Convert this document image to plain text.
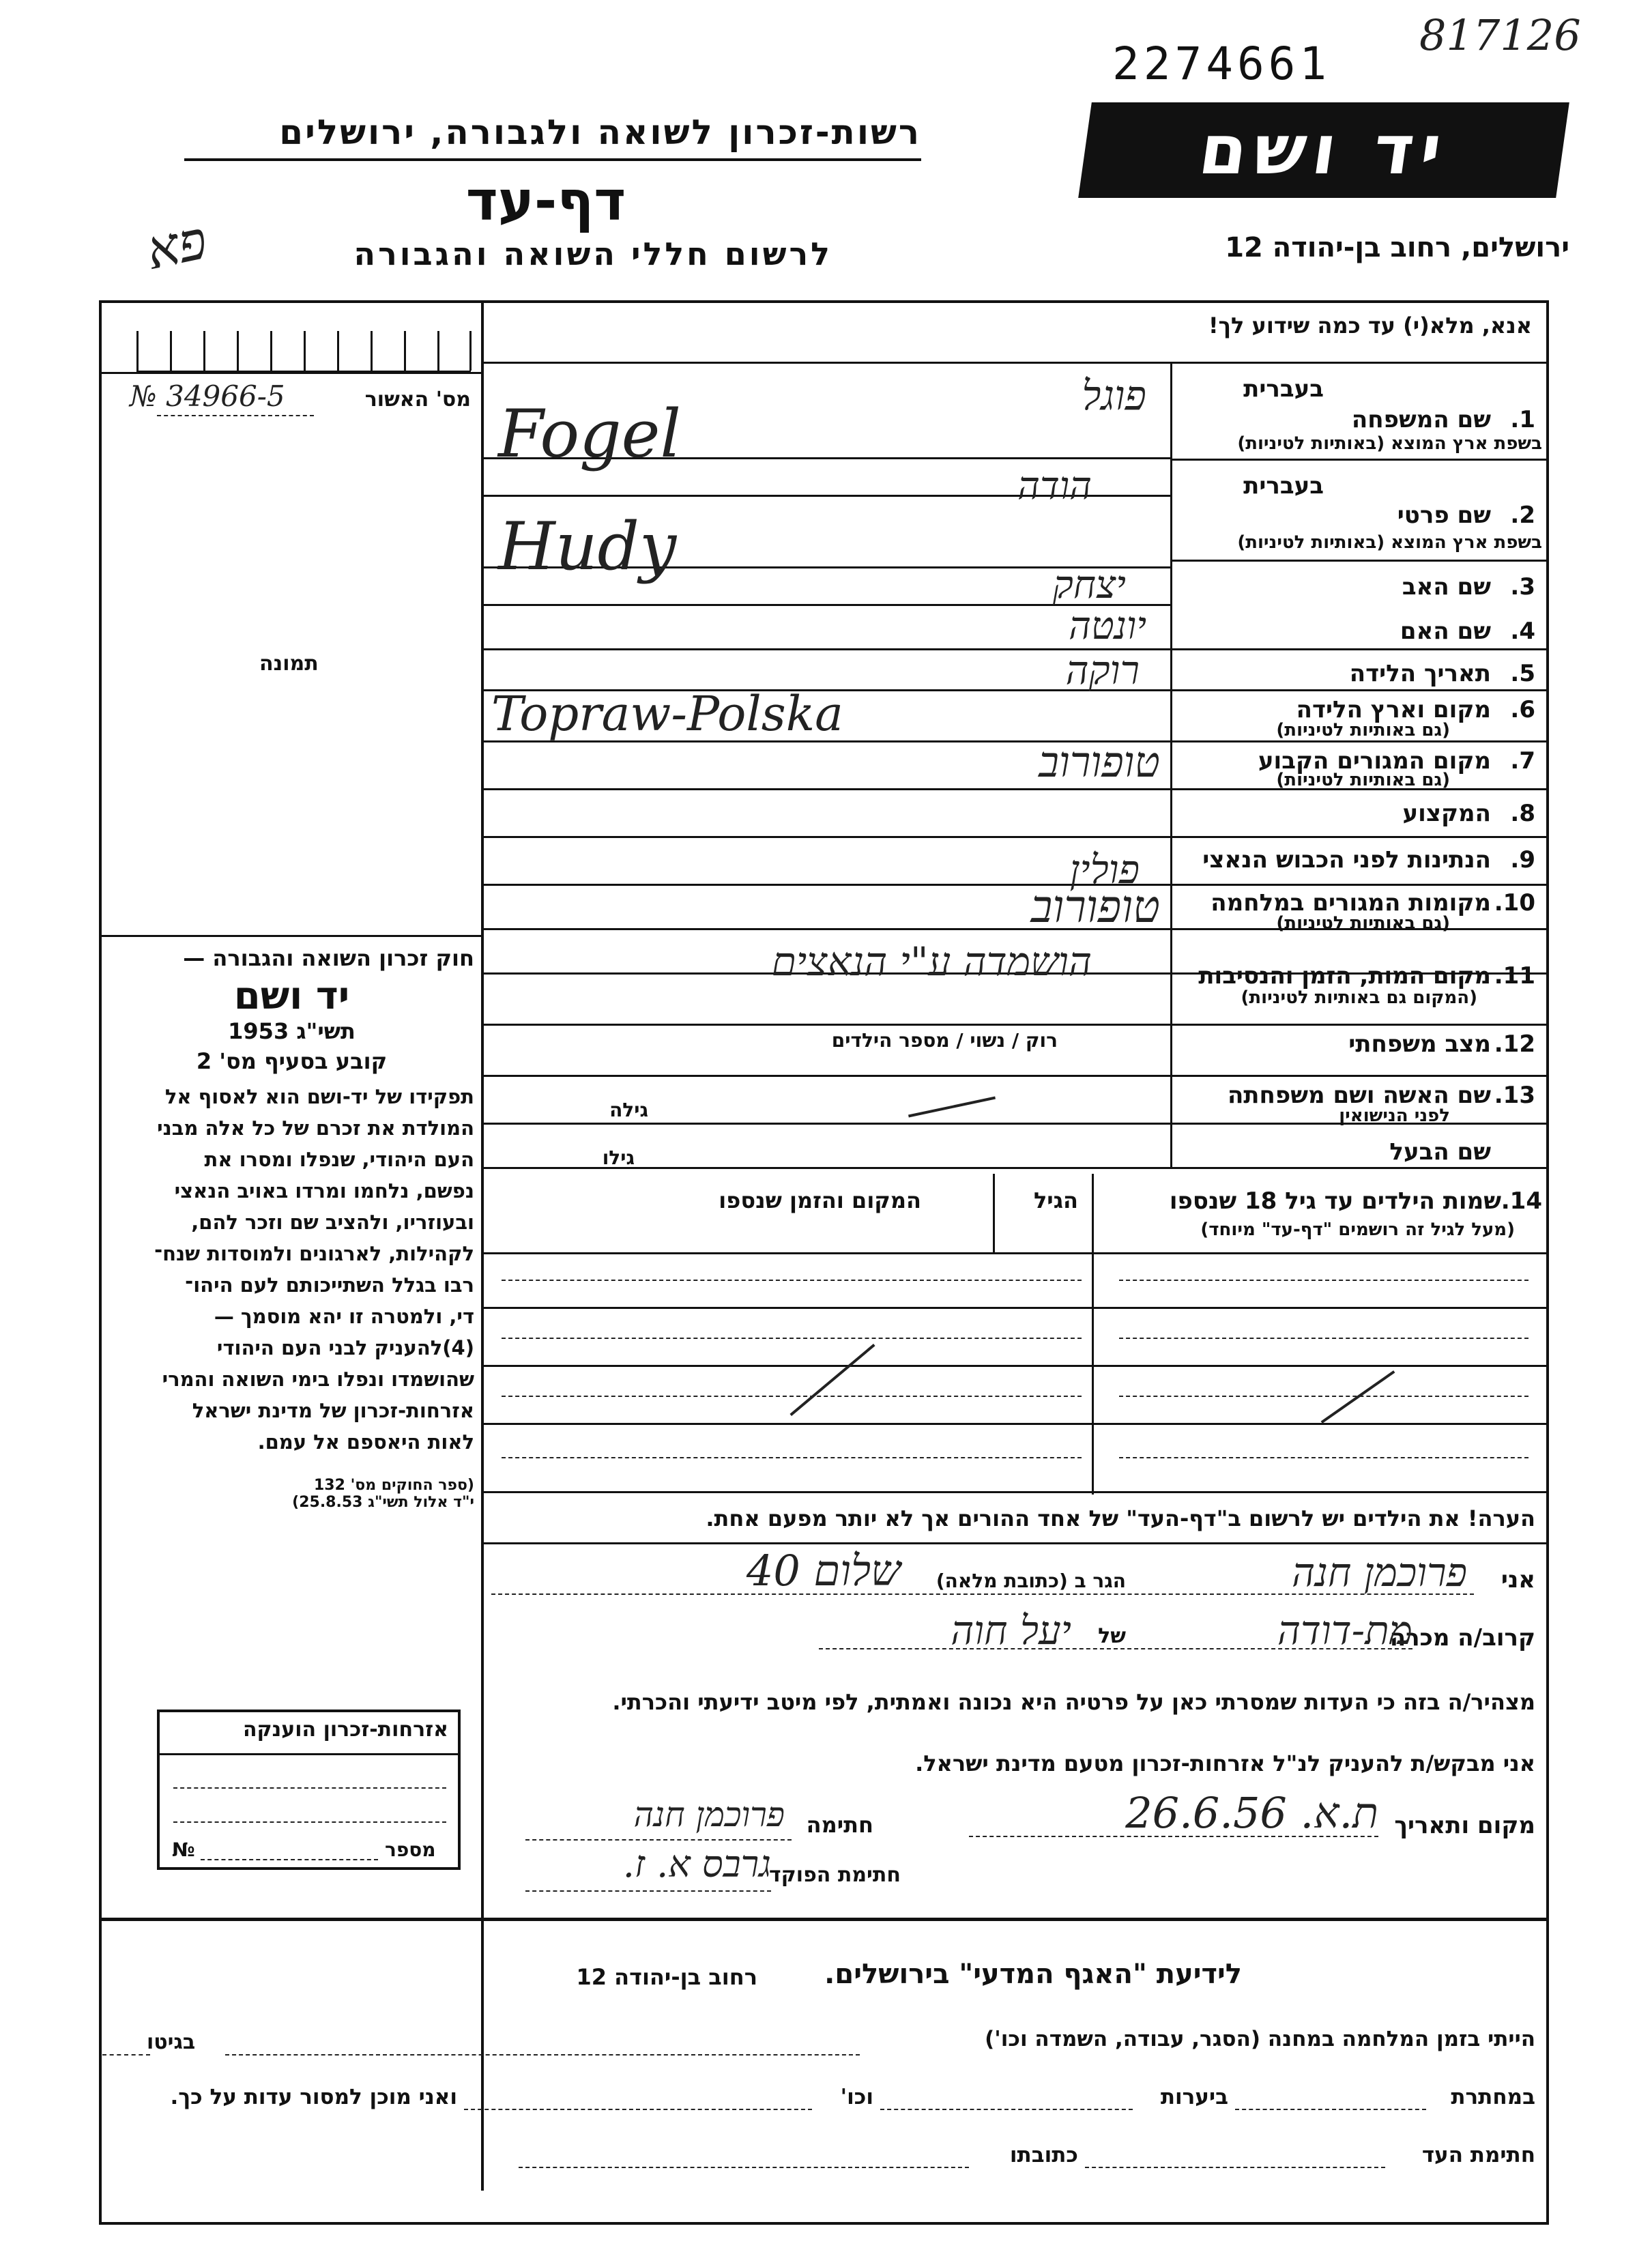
2274661
817126
רשות-זכרון לשואה ולגבורה, ירושלים
דף-עד
לרשום חללי השואה והגבורה
פא
יד ושם
ירושלים, רחוב בן-יהודה 12
מס' האשור
№ 34966-5
תמונה
חוק זכרון השואה והגבורה —
יד ושם
תשי"ג 1953
קובע בסעיף מס' 2
תפקידו של יד-ושם הוא לאסוף אל
המולדת את זכרם של כל אלה מבני
העם היהודי, שנפלו ומסרו את
נפשם, נלחמו ומרדו באויב הנאצי
ובעוזריו, ולהציב שם וזכר להם,
לקהילות, לארגונים ולמוסדות שנח־
רבו בגלל השתייכותם לעם היהו־
די, ולמטרה זו יהא מוסמך —
(4)להעניק לבני העם היהודי
שהושמדו ונפלו בימי השואה והמרי
אזרחות-זכרון של מדינת ישראל
לאות היאספם אל עמם.
(ספר החוקים מס' 132
י"ד אלול תשי"ג 25.8.53)
אזרחות-זכרון הוענקה
№	מספר
אנא, מלא(י) עד כמה שידוע לך!
בעברית
1.
שם המשפחה
בשפת ארץ המוצא (באותיות לטיניות)
פוגל
Fogel
בעברית
2.
שם פרטי
בשפת ארץ המוצא (באותיות לטיניות)
הודה
Hudy
3.
שם האב
יצחק
4.
שם האם
יונטה
5.
תאריך הלידה
רוקה
6.
מקום וארץ הלידה
(גם באותיות לטיניות)
Topraw-Polska
7.
מקום המגורים הקבוע
(גם באותיות לטיניות)
טופורוב
8.
המקצוע
9.
הנתינות לפני הכבוש הנאצי
פולין
10.
מקומות המגורים במלחמה
(גם באותיות לטיניות)
טופורוב
11.
מקום המות, הזמן והנסיבות
(המקום גם באותיות לטיניות)
הושמדה ע"י הנאצים
12.
מצב משפחתי
רוק / נשוי / מספר הילדים
13.
שם האשה ושם משפחתה
לפני הנישואין
גילה
שם הבעל
גילו
14.
שמות הילדים עד גיל 18 שנספו
(מעל לגיל זה רושמים "דף-עד" מיוחד)
הגיל
המקום והזמן שנספו
הערה! את הילדים יש לרשום ב"דף-העד" של אחד ההורים אך לא יותר מפעם אחת.
אני
פרוכמן חנה
הגר ב (כתובת מלאה)
שלום 40
קרוב/ה מכרה
מת-דודה
של
יעל חוה
מצהיר/ה בזה כי העדות שמסרתי כאן על פרטיה היא נכונה ואמתית, לפי מיטב ידיעתי והכרתי.
אני מבקש/ת להעניק לנ"ל אזרחות-זכרון מטעם מדינת ישראל.
מקום ותאריך
ת.א. 26.6.56
חתימה
פרוכמן חנה
חתימת הפוקד
גרבס א. ז.
לידיעת "האגף המדעי" בירושלים.
רחוב בן-יהודה 12
הייתי בזמן המלחמה במחנה (הסגר, עבודה, השמדה וכו')
בגיטו
במחתרת
ביערות
וכו'
ואני מוכן למסור עדות על כך.
חתימת העד
כתובתו
